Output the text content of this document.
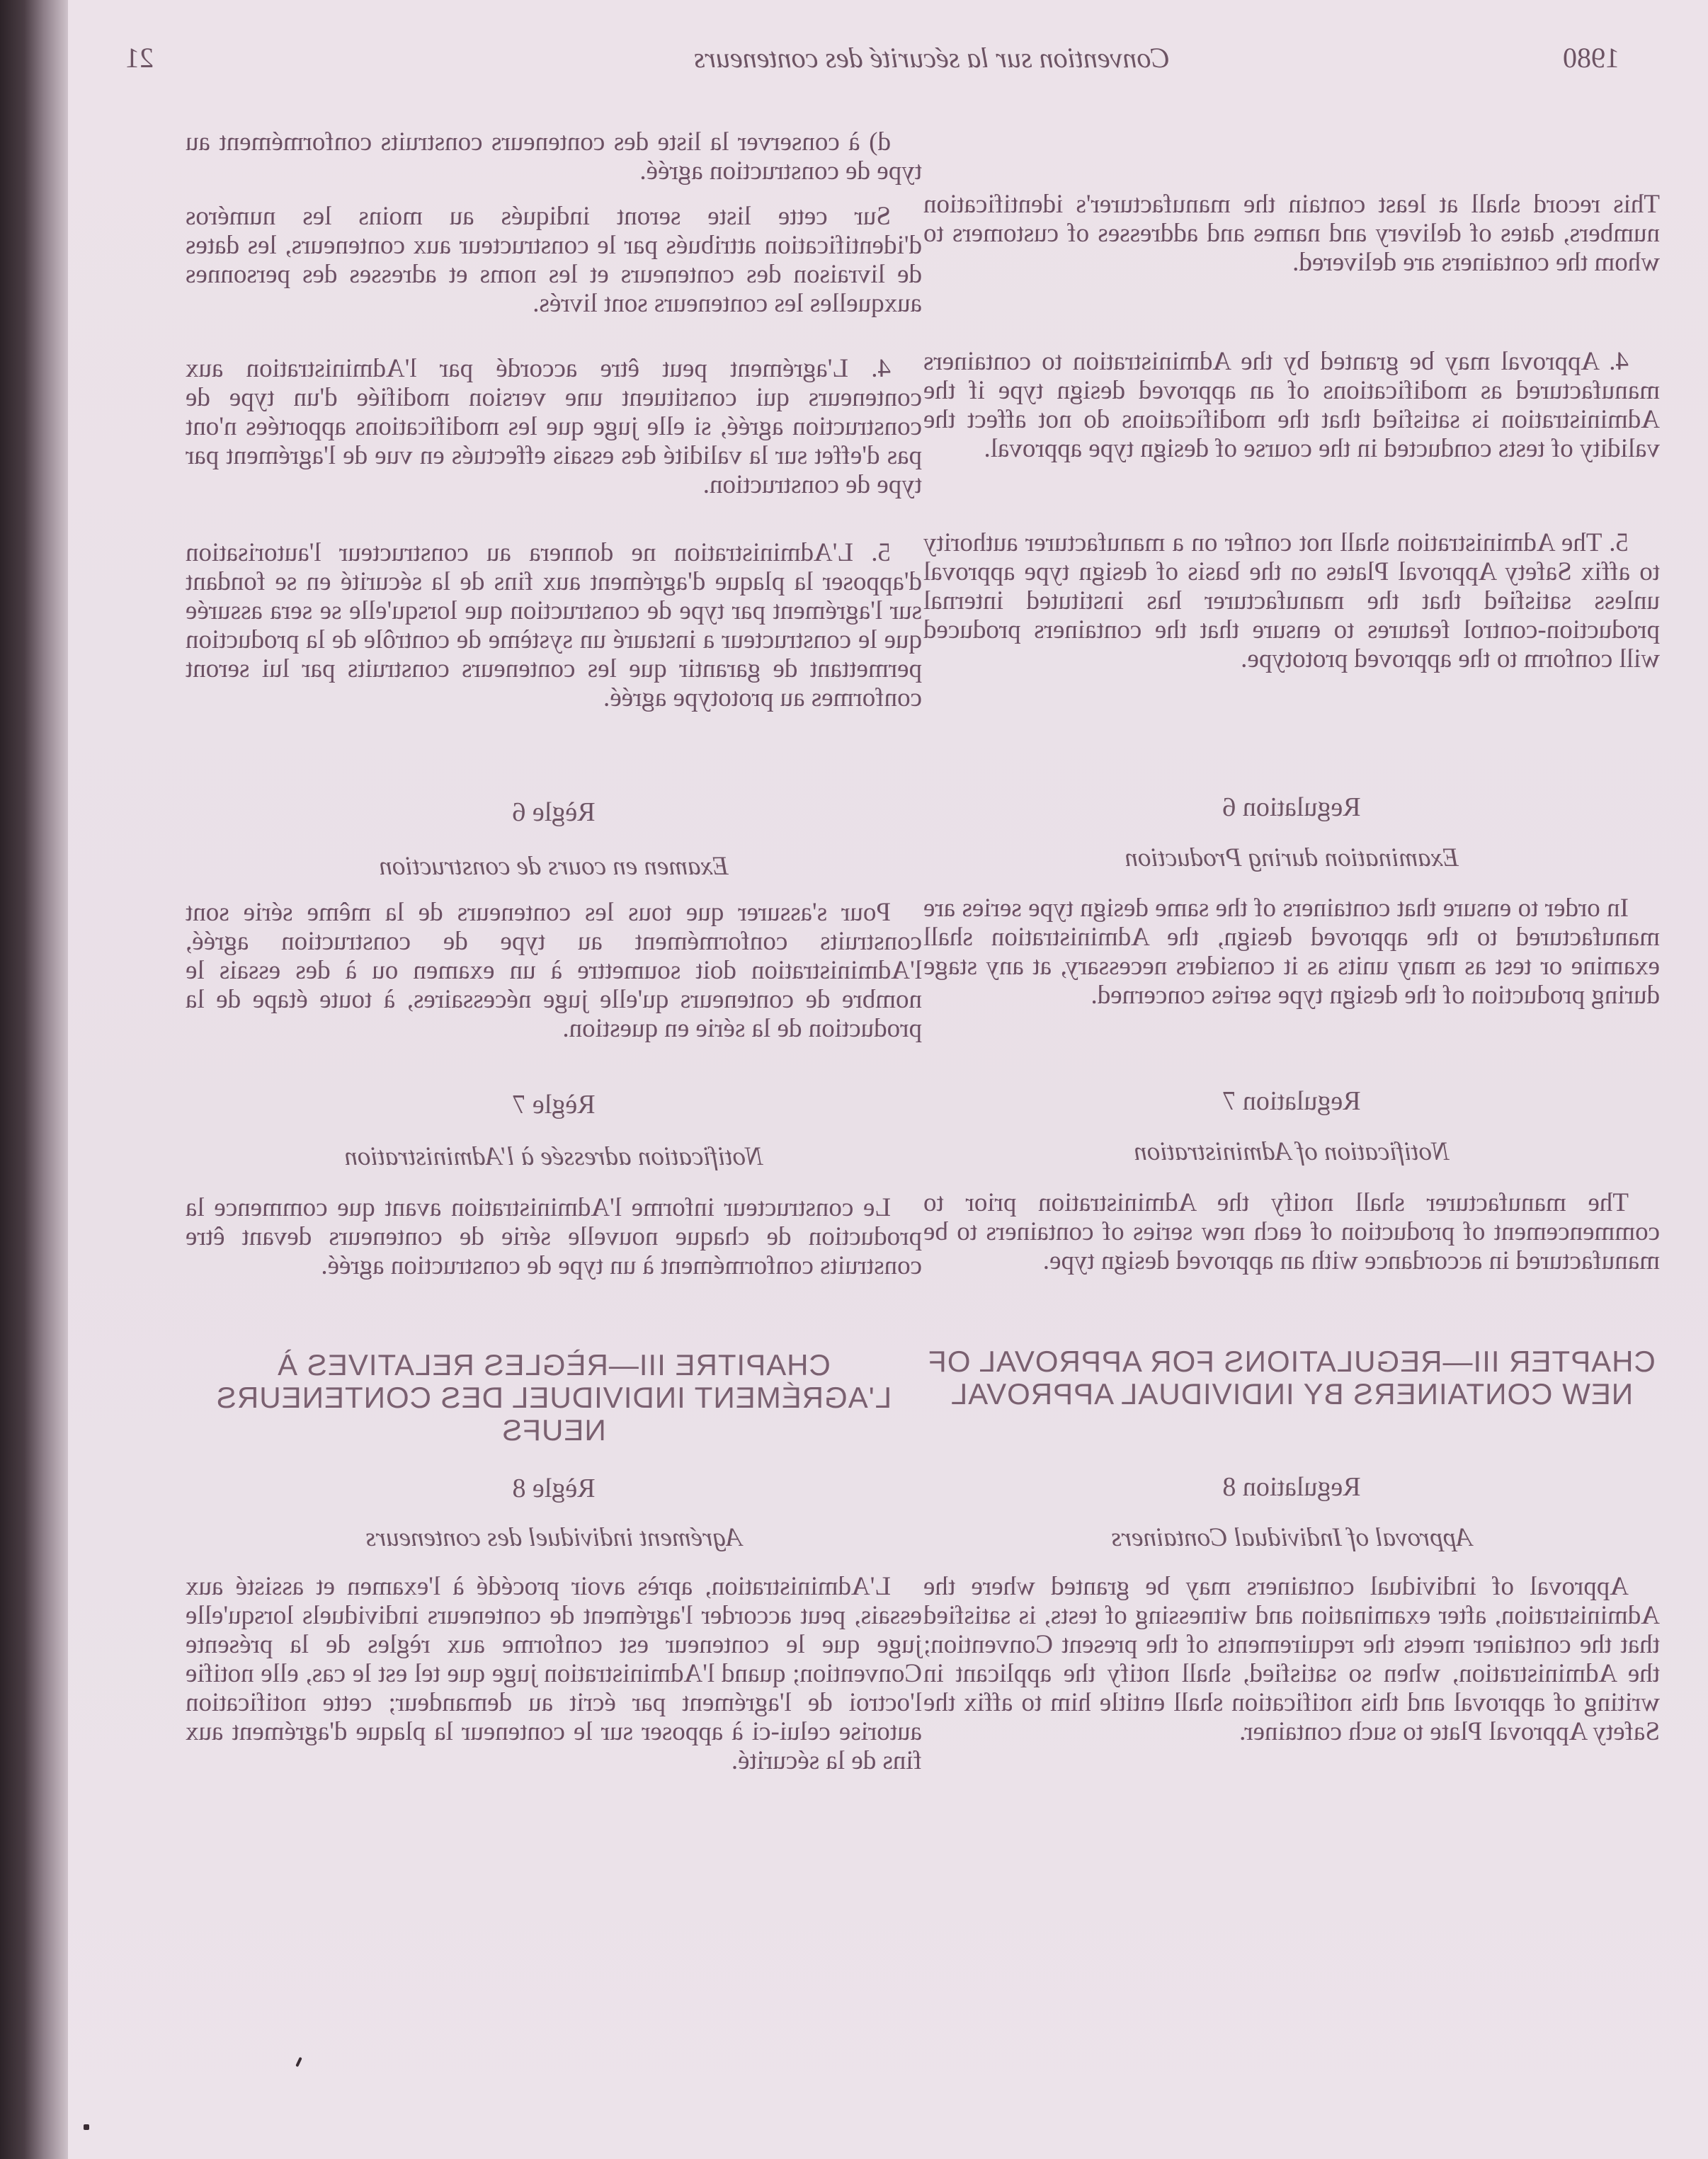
1980
Convention sur la sécurité des conteneurs
21

This record shall at least contain the manufacturer's identification numbers, dates of delivery and names and addresses of customers to whom the containers are delivered.

4. Approval may be granted by the Administration to containers manufactured as modifications of an approved design type if the Administration is satisfied that the modifications do not affect the validity of tests conducted in the course of design type approval.

5. The Administration shall not confer on a manufacturer authority to affix Safety Approval Plates on the basis of design type approval unless satisfied that the manufacturer has instituted internal production-control features to ensure that the containers produced will conform to the approved prototype.

Regulation 6
Examination during Production

In order to ensure that containers of the same design type series are manufactured to the approved design, the Administration shall examine or test as many units as it considers necessary, at any stage during production of the design type series concerned.

Regulation 7
Notification of Administration

The manufacturer shall notify the Administration prior to commencement of production of each new series of containers to be manufactured in accordance with an approved design type.

CHAPTER III—REGULATIONS FOR APPROVAL OF NEW CONTAINERS BY INDIVIDUAL APPROVAL
Regulation 8
Approval of Individual Containers

Approval of individual containers may be granted where the Administration, after examination and witnessing of tests, is satisfied that the container meets the requirements of the present Convention; the Administration, when so satisfied, shall notify the applicant in writing of approval and this notification shall entitle him to affix the Safety Approval Plate to such container.

d) à conserver la liste des conteneurs construits conformément au type de construction agréé.

Sur cette liste seront indiqués au moins les numéros d'identification attribués par le constructeur aux conteneurs, les dates de livraison des conteneurs et les noms et adresses des personnes auxquelles les conteneurs sont livrés.

4. L'agrément peut être accordé par l'Administration aux conteneurs qui constituent une version modifiée d'un type de construction agréé, si elle juge que les modifications apportées n'ont pas d'effet sur la validité des essais effectués en vue de l'agrément par type de construction.

5. L'Administration ne donnera au constructeur l'autorisation d'apposer la plaque d'agrément aux fins de la sécurité en se fondant sur l'agrément par type de construction que lorsqu'elle se sera assurée que le constructeur a instauré un système de contrôle de la production permettant de garantir que les conteneurs construits par lui seront conformes au prototype agréé.

Règle 6
Examen en cours de construction

Pour s'assurer que tous les conteneurs de la même série sont construits conformément au type de construction agréé, l'Administration doit soumettre à un examen ou à des essais le nombre de conteneurs qu'elle juge nécessaires, à toute étape de la production de la série en question.

Règle 7
Notification adressée à l'Administration

Le constructeur informe l'Administration avant que commence la production de chaque nouvelle série de conteneurs devant être construits conformément à un type de construction agréé.

CHAPITRE III—RÈGLES RELATIVES À L'AGRÉMENT INDIVIDUEL DES CONTENEURS NEUFS
Règle 8
Agrément individuel des conteneurs

L'Administration, après avoir procédé à l'examen et assisté aux essais, peut accorder l'agrément de conteneurs individuels lorsqu'elle juge que le conteneur est conforme aux règles de la présente Convention; quand l'Administration juge que tel est le cas, elle notifie l'octroi de l'agrément par écrit au demandeur; cette notification autorise celui-ci à apposer sur le conteneur la plaque d'agrément aux fins de la sécurité.
